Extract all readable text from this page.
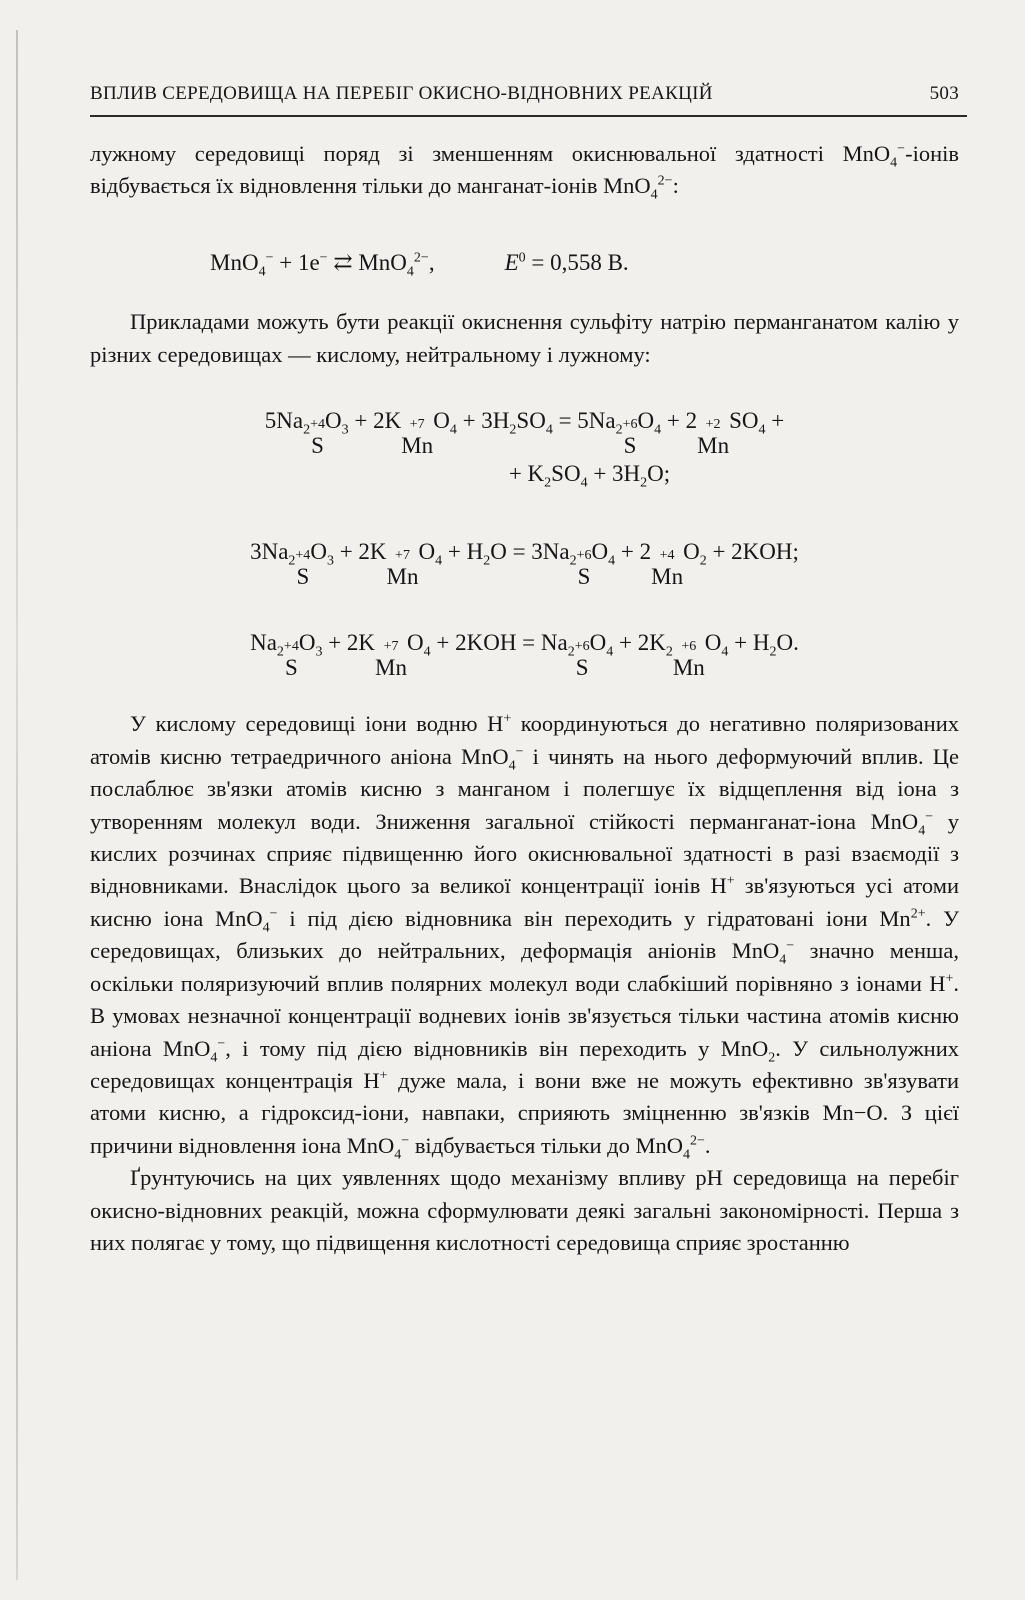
ВПЛИВ СЕРЕДОВИЩА НА ПЕРЕБІГ ОКИСНО-ВІДНОВНИХ РЕАКЦІЙ	503

лужному середовищі поряд зі зменшенням окиснювальної здатності MnO$_4$−-іонів відбувається їх відновлення тільки до манганат-іонів MnO$_4^{2-}$:

MnO$_4$− + 1e− ⇄ MnO$_4^{2-}$,	$E^0 = 0,558$ В.

Прикладами можуть бути реакції окиснення сульфіту натрію перманганатом калію у різних середовищах — кислому, нейтральному і лужному:

$5Na_2 +4$
S
$O_3 + 2K +7$
Mn
$O_4 + 3H_2SO_4 = 5Na_2 +6$
S
$O_4 + 2 +2$
Mn
$SO_4$ +
+ $K_2SO_4 + 3H_2O$;
$3Na_2 +4$
S
$O_3 + 2K +7$
Mn
$O_4 + H_2O = 3Na_2 +6$
S
$O_4 + 2 +4$
Mn
$O_2 + 2KOH$;
$Na_2 +4$
S
$O_3 + 2K +7$
Mn
$O_4 + 2KOH = Na_2 +6$
S
$O_4 + 2K_2 +6$
Mn
$O_4 + H_2O$.

У кислому середовищі іони водню H+ координуються до негативно поляризованих атомів кисню тетраедричного аніона MnO$_4$− і чинять на нього деформуючий вплив. Це послаблює зв'язки атомів кисню з манганом і полегшує їх відщеплення від іона з утворенням молекул води. Зниження загальної стійкості перманганат-іона MnO$_4$− у кислих розчинах сприяє підвищенню його окиснювальної здатності в разі взаємодії з відновниками. Внаслідок цього за великої концентрації іонів H+ зв'язуються усі атоми кисню іона MnO$_4$− і під дією відновника він переходить у гідратовані іони $Mn^{2+}$. У середовищах, близьких до нейтральних, деформація аніонів MnO$_4$− значно менша, оскільки поляризуючий вплив полярних молекул води слабкіший порівняно з іонами H+. В умовах незначної концентрації водневих іонів зв'язується тільки частина атомів кисню аніона MnO$_4$−, і тому під дією відновників він переходить у MnO$_2$. У сильнолужних середовищах концентрація H+ дуже мала, і вони вже не можуть ефективно зв'язувати атоми кисню, а гідроксид-іони, навпаки, сприяють зміцненню зв'язків Mn−O. З цієї причини відновлення іона MnO$_4$− відбувається тільки до MnO$_4^{2-}$.

Ґрунтуючись на цих уявленнях щодо механізму впливу pH середовища на перебіг окисно-відновних реакцій, можна сформулювати деякі загальні закономірності. Перша з них полягає у тому, що підвищення кислотності середовища сприяє зростанню
